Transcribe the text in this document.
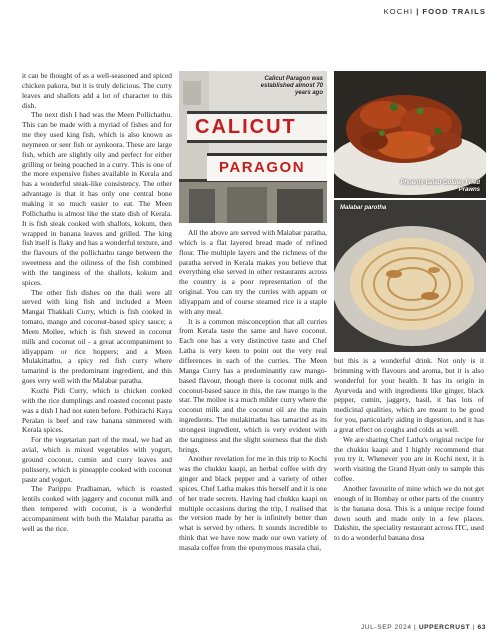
KOCHI | FOOD TRAILS

it can be thought of as a well-seasoned and spiced chicken pakora, but it is truly delicious. The curry leaves and shallots add a lot of character to this dish.

The next dish I had was the Meen Pollichathu. This can be made with a myriad of fishes and for me they used king fish, which is also known as neymeen or seer fish or aynkoora. These are large fish, which are slightly oily and perfect for either grilling or being poached in a curry. This is one of the more expensive fishes available in Kerala and has a wonderful steak-like consistency. The other advantage is that it has only one central bone making it so much easier to eat. The Meen Pollichathu is almost like the state dish of Kerala. It is fish steak cooked with shallots, kokum, then wrapped in banana leaves and grilled. The king fish itself is flaky and has a wonderful texture, and the flavours of the pollichathu range between the sweetness and the oiliness of the fish combined with the tanginess of the shallots, kokum and spices.

The other fish dishes on the thali were all served with king fish and included a Meen Mangai Thakkali Curry, which is fish cooked in tomato, mango and coconut-based spicy sauce; a Meen Moilee, which is fish stewed in coconut milk and coconut oil - a great accompaniment to idiyappam or rice hoppers; and a Meen Mulakittathu, a spicy red fish curry where tamarind is the predominant ingredient, and this goes very well with the Malabar paratha.

Kozhi Pidi Curry, which is chicken cooked with the rice dumplings and roasted coconut paste was a dish I had not eaten before. Pothirachi Kaya Peralan is beef and raw banana simmered with Kerala spices.

For the vegetarian part of the meal, we had an avial, which is mixed vegetables with yogurt, ground coconut, cumin and curry leaves and pulissery, which is pineapple cooked with coconut paste and yogurt.

The Parippu Pradhaman, which is roasted lentils cooked with jaggery and coconut milk and then tempered with coconut, is a wonderful accompaniment with both the Malabar paratha as well as the rice.

CALICUT
PARAGON
Calicut Paragon was established almost 70 years ago

All the above are served with Malabar paratha, which is a flat layered bread made of refined flour. The multiple layers and the richness of the paratha served in Kerala makes you believe that everything else served in other restaurants across the country is a poor representation of the original. You can try the curries with appam or idiyappam and of course steamed rice is a staple with any meal.

It is a common misconception that all curries from Kerala taste the same and have coconut. Each one has a very distinctive taste and Chef Latha is very keen to point out the very real differences in each of the curries. The Meen Manga Curry has a predominantly raw mango-based flavour, though there is coconut milk and coconut-based sauce in this, the raw mango is the star. The moilee is a much milder curry where the coconut milk and the coconut oil are the main ingredients. The mulakittathu has tamarind as its strongest ingredient, which is very evident with the tanginess and the slight sourness that the dish brings.

Another revelation for me in this trip to Kochi was the chukku kaapi, an herbal coffee with dry ginger and black pepper and a variety of other spices. Chef Latha makes this herself and it is one of her trade secrets. Having had chukku kaapi on multiple occasions during the trip, I realised that the version made by her is infinitely better than what is served by others. It sounds incredible to think that we have now made our own variety of masala coffee from the eponymous masala chai,

Phoenix-tailed Golden Fried Prawns
Malabar parotha

but this is a wonderful drink. Not only is it brimming with flavours and aroma, but it is also wonderful for your health. It has its origin in Ayurveda and with ingredients like ginger, black pepper, cumin, jaggery, basil, it has lots of medicinal qualities, which are meant to be good for you, particularly aiding in digestion, and it has a great effect on coughs and colds as well.

We are sharing Chef Latha's original recipe for the chukku kaapi and I highly recommend that you try it. Whenever you are in Kochi next, it is worth visiting the Grand Hyatt only to sample this coffee.

Another favourite of mine which we do not get enough of in Bombay or other parts of the country is the banana dosa. This is a unique recipe found down south and made only in a few places. Dakshin, the speciality restaurant across ITC, used to do a wonderful banana dosa

JUL-SEP 2024 | UPPERCRUST | 63
